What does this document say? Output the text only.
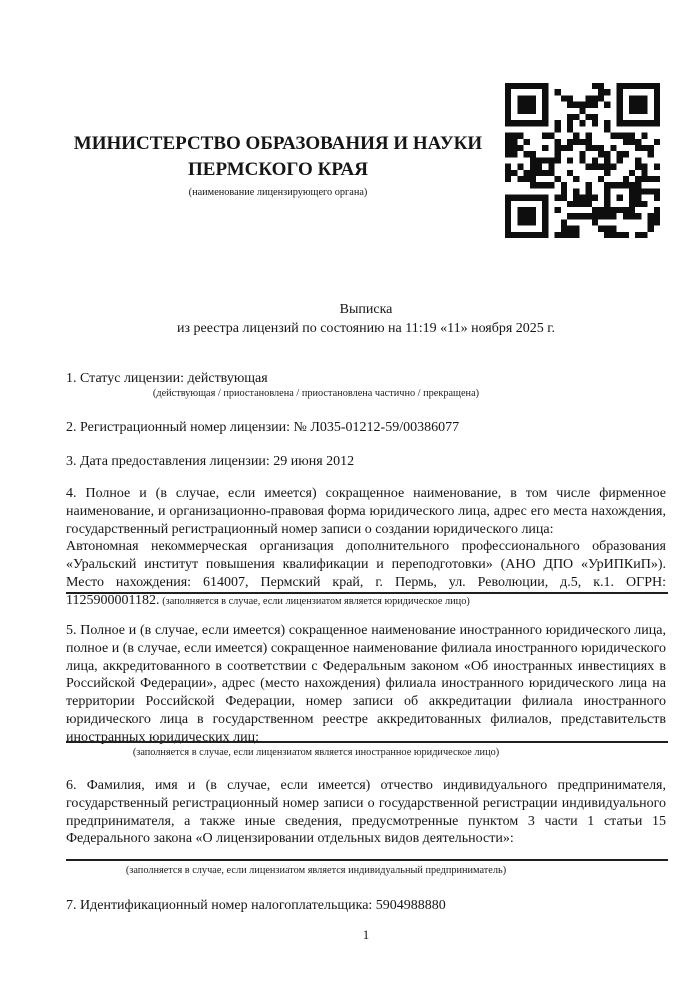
МИНИСТЕРСТВО ОБРАЗОВАНИЯ И НАУКИ ПЕРМСКОГО КРАЯ
(наименование лицензирующего органа)
Выписка
из реестра лицензий по состоянию на 11:19 «11» ноября 2025 г.
1. Статус лицензии: действующая
(действующая / приостановлена / приостановлена частично / прекращена)
2. Регистрационный номер лицензии: № Л035-01212-59/00386077
3. Дата предоставления лицензии: 29 июня 2012
4. Полное и (в случае, если имеется) сокращенное наименование, в том числе фирменное наименование, и организационно-правовая форма юридического лица, адрес его места нахождения, государственный регистрационный номер записи о создании юридического лица:
Автономная некоммерческая организация дополнительного профессионального образования «Уральский институт повышения квалификации и переподготовки» (АНО ДПО «УрИПКиП»). Место нахождения: 614007, Пермский край, г. Пермь, ул. Революции, д.5, к.1. ОГРН: 1125900001182. (заполняется в случае, если лицензиатом является юридическое лицо)
5. Полное и (в случае, если имеется) сокращенное наименование иностранного юридического лица, полное и (в случае, если имеется) сокращенное наименование филиала иностранного юридического лица, аккредитованного в соответствии с Федеральным законом «Об иностранных инвестициях в Российской Федерации», адрес (место нахождения) филиала иностранного юридического лица на территории Российской Федерации, номер записи об аккредитации филиала иностранного юридического лица в государственном реестре аккредитованных филиалов, представительств иностранных юридических лиц:
(заполняется в случае, если лицензиатом является иностранное юридическое лицо)
6. Фамилия, имя и (в случае, если имеется) отчество индивидуального предпринимателя, государственный регистрационный номер записи о государственной регистрации индивидуального предпринимателя, а также иные сведения, предусмотренные пунктом 3 части 1 статьи 15 Федерального закона «О лицензировании отдельных видов деятельности»:
(заполняется в случае, если лицензиатом является индивидуальный предприниматель)
7. Идентификационный номер налогоплательщика: 5904988880
1
